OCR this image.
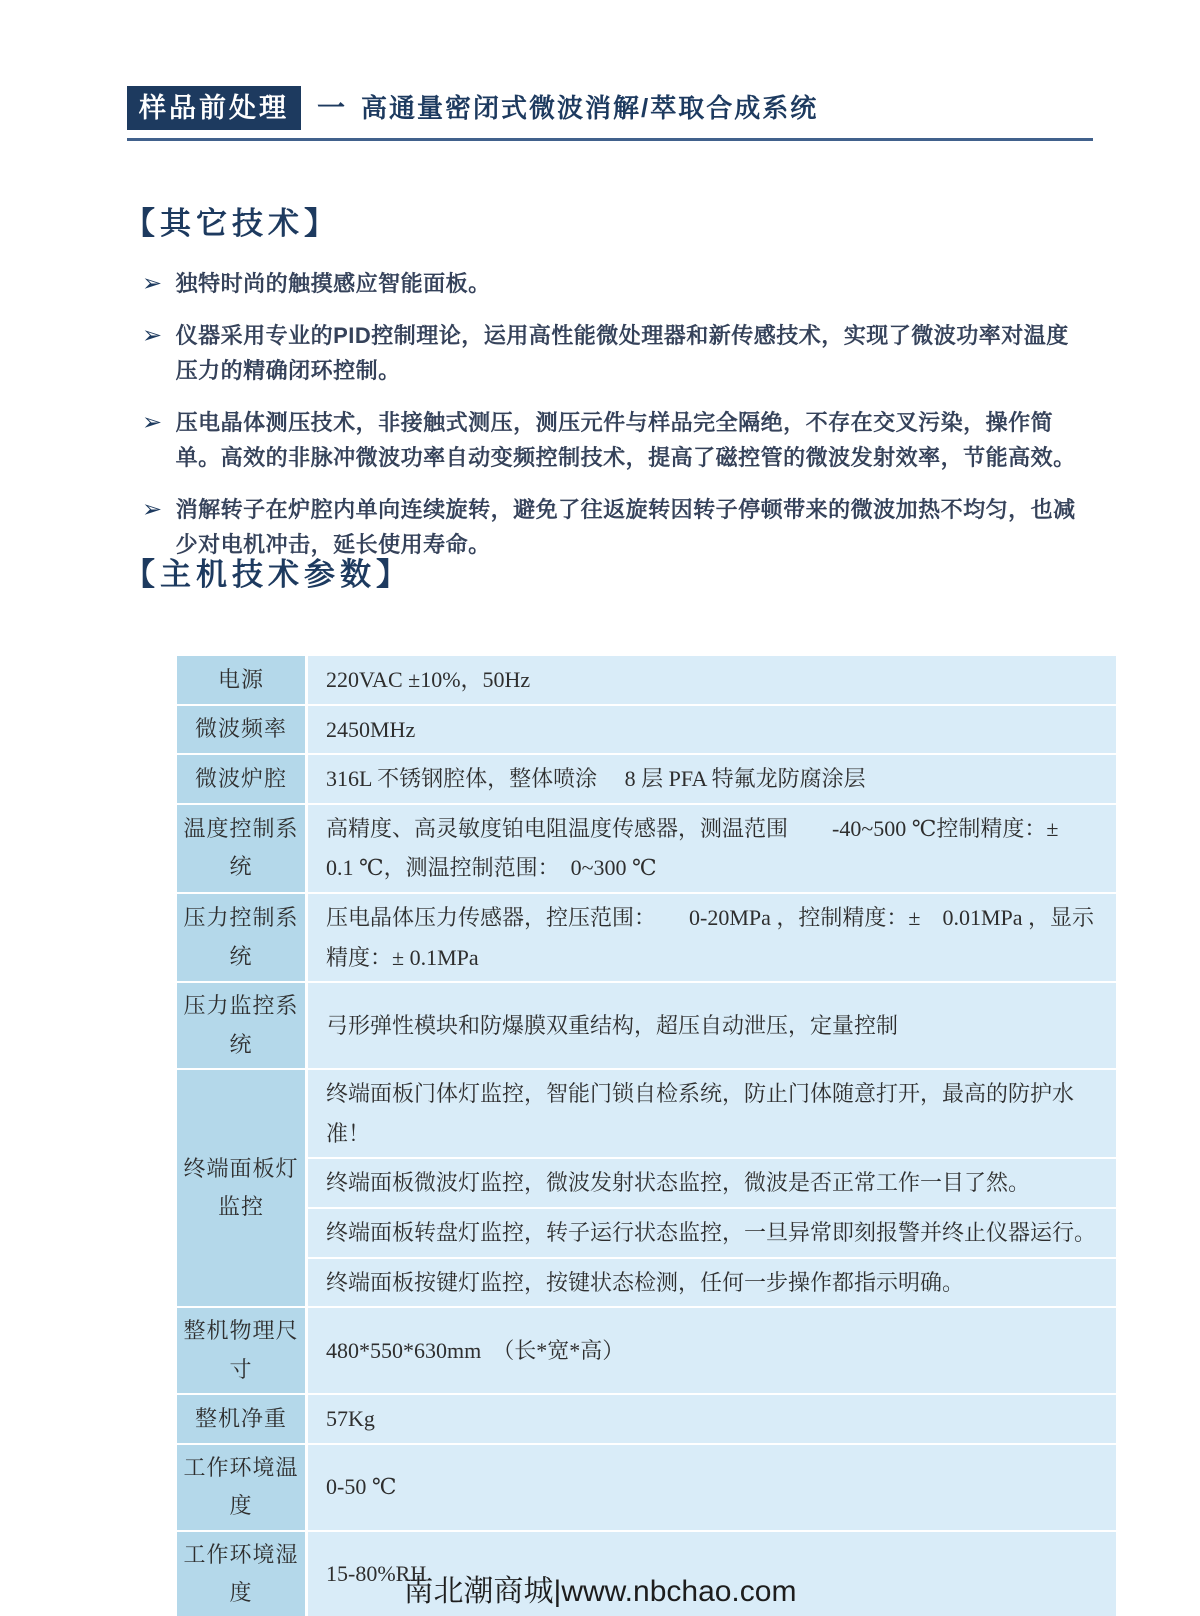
样品前处理	一 高通量密闭式微波消解/萃取合成系统
【其它技术】
➢ 独特时尚的触摸感应智能面板。
➢ 仪器采用专业的PID控制理论，运用高性能微处理器和新传感技术，实现了微波功率对温度压力的精确闭环控制。
➢ 压电晶体测压技术，非接触式测压，测压元件与样品完全隔绝，不存在交叉污染，操作简单。高效的非脉冲微波功率自动变频控制技术，提高了磁控管的微波发射效率，节能高效。
➢ 消解转子在炉腔内单向连续旋转，避免了往返旋转因转子停顿带来的微波加热不均匀，也减少对电机冲击，延长使用寿命。
【主机技术参数】
电源	220VAC ±10%，50Hz
微波频率	2450MHz
微波炉腔	316L 不锈钢腔体，整体喷涂　 8 层 PFA 特氟龙防腐涂层
温度控制系统	高精度、高灵敏度铂电阻温度传感器，测温范围　　-40~500 ℃控制精度：±　0.1 ℃，测温控制范围：　0~300 ℃
压力控制系统	压电晶体压力传感器，控压范围：　　0-20MPa ，控制精度：±　0.01MPa ，显示精度：± 0.1MPa
压力监控系统	弓形弹性模块和防爆膜双重结构，超压自动泄压，定量控制
终端面板灯监控	终端面板门体灯监控，智能门锁自检系统，防止门体随意打开，最高的防护水准！
	终端面板微波灯监控，微波发射状态监控，微波是否正常工作一目了然。
	终端面板转盘灯监控，转子运行状态监控，一旦异常即刻报警并终止仪器运行。
	终端面板按键灯监控，按键状态检测，任何一步操作都指示明确。
整机物理尺寸	480*550*630mm　（长*宽*高）
整机净重	57Kg
工作环境温度	0-50 ℃
工作环境湿度	15-80%RH
南北潮商城|www.nbchao.com
